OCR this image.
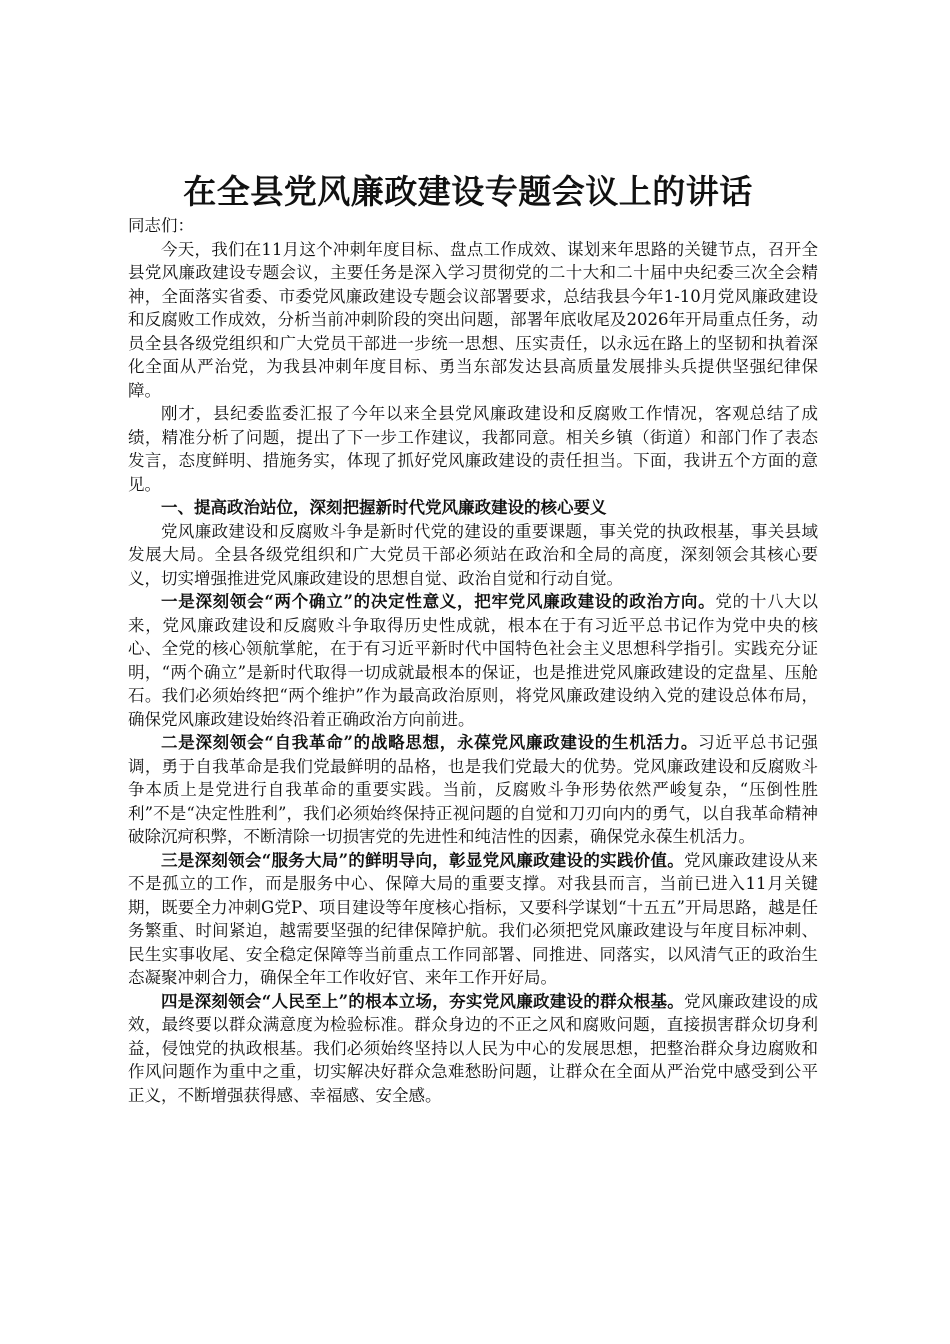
在全县党风廉政建设专题会议上的讲话

同志们：

今天，我们在11月这个冲刺年度目标、盘点工作成效、谋划来年思路的关键节点，召开全县党风廉政建设专题会议，主要任务是深入学习贯彻党的二十大和二十届中央纪委三次全会精神，全面落实省委、市委党风廉政建设专题会议部署要求，总结我县今年1-10月党风廉政建设和反腐败工作成效，分析当前冲刺阶段的突出问题，部署年底收尾及2026年开局重点任务，动员全县各级党组织和广大党员干部进一步统一思想、压实责任，以永远在路上的坚韧和执着深化全面从严治党，为我县冲刺年度目标、勇当东部发达县高质量发展排头兵提供坚强纪律保障。

刚才，县纪委监委汇报了今年以来全县党风廉政建设和反腐败工作情况，客观总结了成绩，精准分析了问题，提出了下一步工作建议，我都同意。相关乡镇（街道）和部门作了表态发言，态度鲜明、措施务实，体现了抓好党风廉政建设的责任担当。下面，我讲五个方面的意见。

一、提高政治站位，深刻把握新时代党风廉政建设的核心要义

党风廉政建设和反腐败斗争是新时代党的建设的重要课题，事关党的执政根基，事关县域发展大局。全县各级党组织和广大党员干部必须站在政治和全局的高度，深刻领会其核心要义，切实增强推进党风廉政建设的思想自觉、政治自觉和行动自觉。

一是深刻领会“两个确立”的决定性意义，把牢党风廉政建设的政治方向。党的十八大以来，党风廉政建设和反腐败斗争取得历史性成就，根本在于有习近平总书记作为党中央的核心、全党的核心领航掌舵，在于有习近平新时代中国特色社会主义思想科学指引。实践充分证明，“两个确立”是新时代取得一切成就最根本的保证，也是推进党风廉政建设的定盘星、压舱石。我们必须始终把“两个维护”作为最高政治原则，将党风廉政建设纳入党的建设总体布局，确保党风廉政建设始终沿着正确政治方向前进。

二是深刻领会“自我革命”的战略思想，永葆党风廉政建设的生机活力。习近平总书记强调，勇于自我革命是我们党最鲜明的品格，也是我们党最大的优势。党风廉政建设和反腐败斗争本质上是党进行自我革命的重要实践。当前，反腐败斗争形势依然严峻复杂，“压倒性胜利”不是“决定性胜利”，我们必须始终保持正视问题的自觉和刀刃向内的勇气，以自我革命精神破除沉疴积弊，不断清除一切损害党的先进性和纯洁性的因素，确保党永葆生机活力。

三是深刻领会“服务大局”的鲜明导向，彰显党风廉政建设的实践价值。党风廉政建设从来不是孤立的工作，而是服务中心、保障大局的重要支撑。对我县而言，当前已进入11月关键期，既要全力冲刺G党P、项目建设等年度核心指标，又要科学谋划“十五五”开局思路，越是任务繁重、时间紧迫，越需要坚强的纪律保障护航。我们必须把党风廉政建设与年度目标冲刺、民生实事收尾、安全稳定保障等当前重点工作同部署、同推进、同落实，以风清气正的政治生态凝聚冲刺合力，确保全年工作收好官、来年工作开好局。

四是深刻领会“人民至上”的根本立场，夯实党风廉政建设的群众根基。党风廉政建设的成效，最终要以群众满意度为检验标准。群众身边的不正之风和腐败问题，直接损害群众切身利益，侵蚀党的执政根基。我们必须始终坚持以人民为中心的发展思想，把整治群众身边腐败和作风问题作为重中之重，切实解决好群众急难愁盼问题，让群众在全面从严治党中感受到公平正义，不断增强获得感、幸福感、安全感。
